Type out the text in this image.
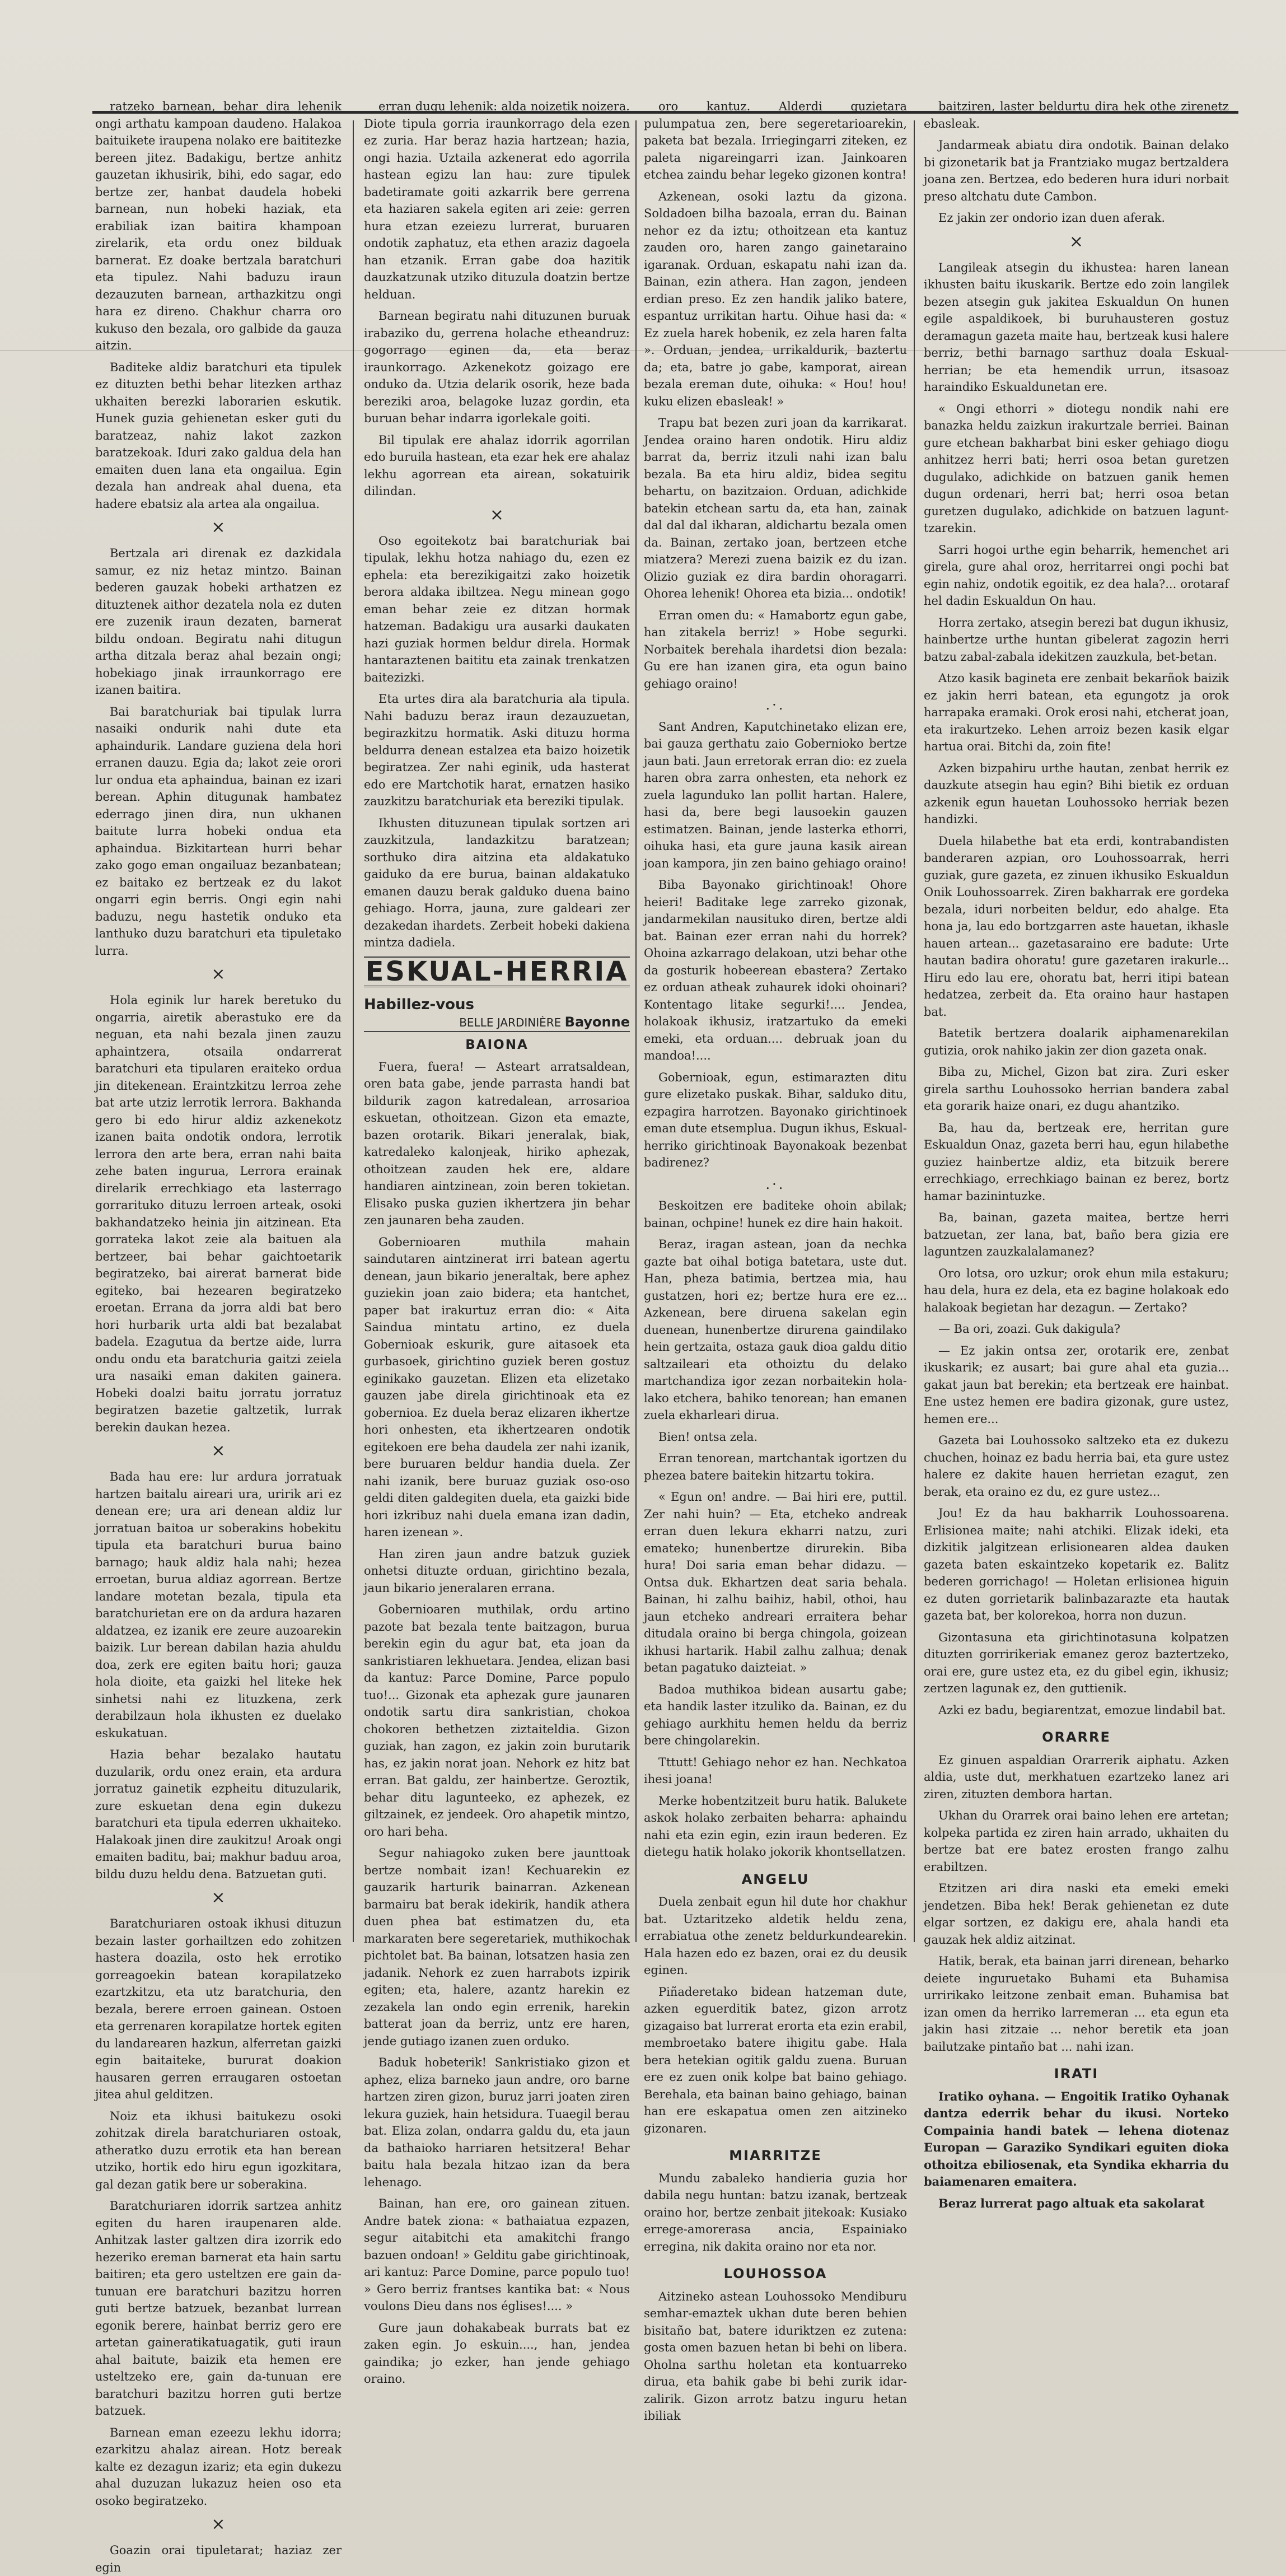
ratzeko barnean, behar dira lehenik ongi arthatu kampoan daudeno. Halakoa baituikete iraupena nolako ere baititezke bereen jitez. Badakigu, bertze anhitz gauzetan ikhusirik, bihi, edo sagar, edo bertze zer, hanbat daudela hobeki barnean, nun hobeki haziak, eta erabiliak izan baitira khampoan zirelarik, eta ordu onez bilduak barnerat. Ez doake bertzala baratchuri eta tipulez. Nahi baduzu iraun dezauzuten barnean, arthazkitzu ongi hara ez direno. Chakhur charra oro kukuso den bezala, oro galbide da gauza aitzin.

Baditeke aldiz baratchuri eta tipulek ez dituzten bethi behar litezken arthaz ukhaiten berezki laborarien eskutik. Hunek guzia gehienetan esker guti du baratzeaz, nahiz lakot zazkon baratzekoak. Iduri zako galdua dela han emaiten duen lana eta ongailua. Egin dezala han andreak ahal duena, eta hadere ebatsiz ala artea ala ongailua.

×

Bertzala ari direnak ez dazkidala samur, ez niz hetaz mintzo. Bainan bederen gauzak hobeki arthatzen ez dituztenek aithor dezatela nola ez duten ere zuzenik iraun dezaten, barnerat bildu ondoan. Begiratu nahi ditugun artha ditzala beraz ahal bezain ongi; hobekiago jinak irraunkorrago ere izanen baitira.

Bai baratchuriak bai tipulak lurra nasaiki ondurik nahi dute eta aphaindurik. Landare guziena dela hori erranen dauzu. Egia da; lakot zeie orori lur ondua eta aphaindua, bainan ez izari berean. Aphin ditugunak hambatez ederrago jinen dira, nun ukhanen baitute lurra hobeki ondua eta aphaindua. Bizkitartean hurri behar zako gogo eman ongailuaz bezanbatean; ez baitako ez bertzeak ez du lakot ongarri egin berris. Ongi egin nahi baduzu, negu hastetik onduko eta lanthuko duzu baratchuri eta tipuletako lurra.

×

Hola eginik lur harek beretuko du ongarria, airetik aberastuko ere da neguan, eta nahi bezala jinen zauzu aphaintzera, otsaila ondarrerat baratchuri eta tipularen eraiteko ordua jin ditekenean. Eraintzkitzu lerroa zehe bat arte utziz lerrotik lerrora. Bakhanda gero bi edo hirur aldiz azkenekotz izanen baita ondotik ondora, lerrotik lerrora den arte bera, erran nahi baita zehe baten ingurua, Lerrora erainak direlarik errechkiago eta lasterrago gorrarituko dituzu lerroen arteak, osoki bakhandatzeko heinia jin aitzinean. Eta gorrateka lakot zeie ala baituen ala bertzeer, bai behar gaichtoetarik begiratzeko, bai airerat barnerat bide egiteko, bai hezearen begiratzeko eroetan. Errana da jorra aldi bat bero hori hurbarik urta aldi bat bezalabat badela. Ezagutua da bertze aide, lurra ondu ondu eta baratchuria gaitzi zeiela ura nasaiki eman dakiten gainera. Hobeki doalzi baitu jorratu jorratuz begiratzen bazetie galtzetik, lurrak berekin daukan hezea.

×

Bada hau ere: lur ardura jorratuak hartzen baitalu aireari ura, uririk ari ez denean ere; ura ari denean aldiz lur jorratuan baitoa ur soberakins hobekitu tipula eta baratchuri burua baino barnago; hauk aldiz hala nahi; hezea erroetan, burua aldiaz agorrean. Bertze landare motetan bezala, tipula eta baratchurietan ere on da ardura hazaren aldatzea, ez izanik ere zeure auzoarekin baizik. Lur berean dabilan hazia ahuldu doa, zerk ere egiten baitu hori; gauza hola dioite, eta gaizki hel liteke hek sinhetsi nahi ez lituzkena, zerk derabilzaun hola ikhusten ez duelako eskukatuan.

Hazia behar bezalako hautatu duzularik, ordu onez erain, eta ardura jorratuz gainetik ezpheitu dituzularik, zure eskuetan dena egin dukezu baratchuri eta tipula ederren ukhaiteko. Halakoak jinen dire zaukitzu! Aroak ongi emaiten baditu, bai; makhur baduu aroa, bildu duzu heldu dena. Batzuetan guti.

×

Baratchuriaren ostoak ikhusi dituzun bezain laster gorhailtzen edo zohitzen hastera doazila, osto hek errotiko gorreagoekin batean korapilatzeko ezartzkitzu, eta utz baratchuria, den bezala, berere erroen gainean. Ostoen eta gerrenaren korapilatze hortek egiten du landarearen hazkun, alferretan gaizki egin baitaiteke, bururat doakion hausaren gerren erraugaren ostoetan jitea ahul gelditzen.

Noiz eta ikhusi baitukezu osoki zohitzak direla baratchuriaren ostoak, atheratko duzu errotik eta han berean utziko, hortik edo hiru egun igozkitara, gal dezan gatik bere ur soberakina.

Baratchuriaren idorrik sartzea anhitz egiten du haren iraupenaren alde. Anhitzak laster galtzen dira izorrik edo hezeriko ereman barnerat eta hain sartu baitiren; eta gero usteltzen ere gain da-tunuan ere baratchuri bazitzu horren guti bertze batzuek, bezanbat lurrean egonik berere, hainbat berriz gero ere artetan gaineratikatuagatik, guti iraun ahal baitute, baizik eta hemen ere usteltzeko ere, gain da-tunuan ere baratchuri bazitzu horren guti bertze batzuek.

Barnean eman ezeezu lekhu idorra; ezarkitzu ahalaz airean. Hotz bereak kalte ez dezagun izariz; eta egin dukezu ahal duzuzan lukazuz heien oso eta osoko begiratzeko.

×

Goazin orai tipuletarat; haziaz zer egin

erran dugu lehenik: alda noizetik noizera. Diote tipula gorria iraunkorrago dela ezen ez zuria. Har beraz hazia hartzean; hazia, ongi hazia. Uztaila azkenerat edo agorrila hastean egizu lan hau: zure tipulek badetiramate goiti azkarrik bere gerrena eta haziaren sakela egiten ari zeie: gerren hura etzan ezeiezu lurrerat, buruaren ondotik zaphatuz, eta ethen araziz dagoela han etzanik. Erran gabe doa hazitik dauzkatzunak utziko dituzula doatzin bertze helduan.

Barnean begiratu nahi dituzunen buruak irabaziko du, gerrena holache etheandruz: gogorrago eginen da, eta beraz iraunkorrago. Azkenekotz goizago ere onduko da. Utzia delarik osorik, heze bada bereziki aroa, belagoke luzaz gordin, eta buruan behar indarra igorlekale goiti.

Bil tipulak ere ahalaz idorrik agorrilan edo buruila hastean, eta ezar hek ere ahalaz lekhu agorrean eta airean, sokatuirik dilindan.

×

Oso egoitekotz bai baratchuriak bai tipulak, lekhu hotza nahiago du, ezen ez ephela: eta berezikigaitzi zako hoizetik berora aldaka ibiltzea. Negu minean gogo eman behar zeie ez ditzan hormak hatzeman. Badakigu ura ausarki daukaten hazi guziak hormen beldur direla. Hormak hantaraztenen baititu eta zainak trenkatzen baitezizki.

Eta urtes dira ala baratchuria ala tipula. Nahi baduzu beraz iraun dezauzuetan, begirazkitzu hormatik. Aski dituzu horma beldurra denean estalzea eta baizo hoizetik begiratzea. Zer nahi eginik, uda hasterat edo ere Martchotik harat, ernatzen hasiko zauzkitzu baratchuriak eta bereziki tipulak.

Ikhusten dituzunean tipulak sortzen ari zauzkitzula, landazkitzu baratzean; sorthuko dira aitzina eta aldakatuko gaiduko da ere burua, bainan aldakatuko emanen dauzu berak galduko duena baino gehiago. Horra, jauna, zure galdeari zer dezakedan ihardets. Zerbeit hobeki dakiena mintza dadiela.

ESKUAL-HERRIA
Habillez-vous
BELLE JARDINIÈRE Bayonne
BAIONA

Fuera, fuera! — Asteart arratsaldean, oren bata gabe, jende parrasta handi bat bildurik zagon katredalean, arrosarioa eskuetan, othoitzean. Gizon eta emazte, bazen orotarik. Bikari jeneralak, biak, katredaleko kalonjeak, hiriko aphezak, othoitzean zauden hek ere, aldare handiaren aintzinean, zoin beren tokietan. Elisako puska guzien ikhertzera jin behar zen jaunaren beha zauden.

Gobernioaren muthila mahain saindutaren aintzinerat irri batean agertu denean, jaun bikario jeneraltak, bere aphez guziekin joan zaio bidera; eta hantchet, paper bat irakurtuz erran dio: « Aita Saindua mintatu artino, ez duela Gobernioak eskurik, gure aitasoek eta gurbasoek, girichtino guziek beren gostuz eginikako gauzetan. Elizen eta elizetako gauzen jabe direla girichtinoak eta ez gobernioa. Ez duela beraz elizaren ikhertze hori onhesten, eta ikhertzearen ondotik egitekoen ere beha daudela zer nahi izanik, bere buruaren beldur handia duela. Zer nahi izanik, bere buruaz guziak oso-oso geldi diten galdegiten duela, eta gaizki bide hori izkribuz nahi duela emana izan dadin, haren izenean ».

Han ziren jaun andre batzuk guziek onhetsi dituzte orduan, girichtino bezala, jaun bikario jeneralaren errana.

Gobernioaren muthilak, ordu artino pazote bat bezala tente baitzagon, burua berekin egin du agur bat, eta joan da sankristiaren lekhuetara. Jendea, elizan basi da kantuz: Parce Domine, Parce populo tuo!... Gizonak eta aphezak gure jaunaren ondotik sartu dira sankristian, chokoa chokoren bethetzen ziztaiteldia. Gizon guziak, han zagon, ez jakin zoin burutarik has, ez jakin norat joan. Nehork ez hitz bat erran. Bat galdu, zer hainbertze. Geroztik, behar ditu lagunteeko, ez aphezek, ez giltzainek, ez jendeek. Oro ahapetik mintzo, oro hari beha.

Segur nahiagoko zuken bere jaunttoak bertze nombait izan! Kechuarekin ez gauzarik harturik bainarran. Azkenean barmairu bat berak idekirik, handik athera duen phea bat estimatzen du, eta markaraten bere segeretariek, muthikochak pichtolet bat. Ba bainan, lotsatzen hasia zen jadanik. Nehork ez zuen harrabots izpirik egiten; eta, halere, azantz harekin ez zezakela lan ondo egin errenik, harekin batterat joan da berriz, untz ere haren, jende gutiago izanen zuen orduko.

Baduk hobeterik! Sankristiako gizon et aphez, eliza barneko jaun andre, oro barne hartzen ziren gizon, buruz jarri joaten ziren lekura guziek, hain hetsidura. Tuaegil berau bat. Eliza zolan, ondarra galdu du, eta jaun da bathaioko harriaren hetsitzera! Behar baitu hala bezala hitzao izan da bera lehenago.

Bainan, han ere, oro gainean zituen. Andre batek ziona: « bathaiatua ezpazen, segur aitabitchi eta amakitchi frango bazuen ondoan! » Gelditu gabe girichtinoak, ari kantuz: Parce Domine, parce populo tuo! » Gero berriz frantses kantika bat: « Nous voulons Dieu dans nos églises!.... »

Gure jaun dohakabeak burrats bat ez zaken egin. Jo eskuin...., han, jendea gaindika; jo ezker, han jende gehiago oraino.

oro kantuz. Alderdi guzietara pulumpatua zen, bere segeretarioarekin, paketa bat bezala. Irriegingarri ziteken, ez paleta nigareingarri izan. Jainkoaren etchea zaindu behar legeko gizonen kontra!

Azkenean, osoki laztu da gizona. Soldadoen bilha bazoala, erran du. Bainan nehor ez da iztu; othoitzean eta kantuz zauden oro, haren zango gainetaraino igaranak. Orduan, eskapatu nahi izan da. Bainan, ezin athera. Han zagon, jendeen erdian preso. Ez zen handik jaliko batere, espantuz urrikitan hartu. Oihue hasi da: « Ez zuela harek hobenik, ez zela haren falta ». Orduan, jendea, urrikaldurik, baztertu da; eta, batre jo gabe, kamporat, airean bezala ereman dute, oihuka: « Hou! hou! kuku elizen ebasleak! »

Trapu bat bezen zuri joan da karrikarat. Jendea oraino haren ondotik. Hiru aldiz barrat da, berriz itzuli nahi izan balu bezala. Ba eta hiru aldiz, bidea segitu behartu, on bazitzaion. Orduan, adichkide batekin etchean sartu da, eta han, zainak dal dal dal ikharan, aldichartu bezala omen da. Bainan, zertako joan, bertzeen etche miatzera? Merezi zuena baizik ez du izan. Olizio guziak ez dira bardin ohoragarri. Ohorea lehenik! Ohorea eta bizia... ondotik!

Erran omen du: « Hamabortz egun gabe, han zitakela berriz! » Hobe segurki. Norbaitek berehala ihardetsi dion bezala: Gu ere han izanen gira, eta ogun baino gehiago oraino!

.·.

Sant Andren, Kaputchinetako elizan ere, bai gauza gerthatu zaio Gobernioko bertze jaun bati. Jaun erretorak erran dio: ez zuela haren obra zarra onhesten, eta nehork ez zuela lagunduko lan pollit hartan. Halere, hasi da, bere begi lausoekin gauzen estimatzen. Bainan, jende lasterka ethorri, oihuka hasi, eta gure jauna kasik airean joan kampora, jin zen baino gehiago oraino!

Biba Bayonako girichtinoak! Ohore heieri! Baditake lege zarreko gizonak, jandarmekilan nausituko diren, bertze aldi bat. Bainan ezer erran nahi du horrek? Ohoina azkarrago delakoan, utzi behar othe da gosturik hobeerean ebastera? Zertako ez orduan atheak zuhaurek idoki ohoinari? Kontentago litake segurki!.... Jendea, holakoak ikhusiz, iratzartuko da emeki emeki, eta orduan.... debruak joan du mandoa!....

Gobernioak, egun, estimarazten ditu gure elizetako puskak. Bihar, salduko ditu, ezpagira harrotzen. Bayonako girichtinoek eman dute etsempluа. Dugun ikhus, Eskual-herriko girichtinoak Bayonakoak bezenbat badirenez?

.·.

Beskoitzen ere baditeke ohoin abilak; bainan, ochpine! hunek ez dire hain hakoit.

Beraz, iragan astean, joan da nechka gazte bat oihal botiga batetara, uste dut. Han, pheza batimia, bertzea mia, hau gustatzen, hori ez; bertze hura ere ez... Azkenean, bere diruena sakelan egin duenean, hunenbertze dirurena gaindilako hein gertzaita, ostaza gauk dioa galdu ditio saltzaileari eta othoiztu du delako martchandiza igor zezan norbaitekin hola-lako etchera, bahiko tenorean; han emanen zuela ekharleari dirua.

Bien! ontsa zela.

Erran tenorean, martchantak igortzen du phezea batere baitekin hitzartu tokira.

« Egun on! andre. — Bai hiri ere, puttil. Zer nahi huin? — Eta, etcheko andreak erran duen lekura ekharri natzu, zuri emateko; hunenbertze dirurekin. Biba hura! Doi saria eman behar didazu. — Ontsa duk. Ekhartzen deat saria behala. Bainan, hi zalhu baihiz, habil, othoi, hau jaun etcheko andreari erraitera behar ditudala oraino bi berga chingola, goizean ikhusi hartarik. Habil zalhu zalhua; denak betan pagatuko daizteiat. »

Badoa muthikoa bidean ausartu gabe; eta handik laster itzuliko da. Bainan, ez du gehiago aurkhitu hemen heldu da berriz bere chingolarekin.

Tttutt! Gehiago nehor ez han. Nechkatoa ihesi joana!

Merke hobentzitzeit buru hatik. Balukete askok holako zerbaiten beharra: aphaindu nahi eta ezin egin, ezin iraun bederen. Ez dietegu hatik holako jokorik khontsellatzen.

ANGELU

Duela zenbait egun hil dute hor chakhur bat. Uztaritzeko aldetik heldu zena, errabiatua othe zenetz beldurkundearekin. Hala hazen edo ez bazen, orai ez du deusik eginen.

Piñaderetako bidean hatzeman dute, azken eguerditik batez, gizon arrotz gizagaiso bat lurrerat erorta eta ezin erabil, membroetako batere ihigitu gabe. Hala bera hetekian ogitik galdu zuena. Buruan ere ez zuen onik kolpe bat baino gehiago. Berehala, eta bainan baino gehiago, bainan han ere eskapatua omen zen aitzineko gizonaren.

MIARRITZE

Mundu zabaleko handieria guzia hor dabila negu huntan: batzu izanak, bertzeak oraino hor, bertze zenbait jitekoak: Kusiako errege-amorerasa ancia, Espainiako erregina, nik dakita oraino nor eta nor.

LOUHOSSOA

Aitzineko astean Louhossoko Mendiburu semhar-emaztek ukhan dute beren behien bisitaño bat, batere iduriktzen ez zutena: gosta omen bazuen hetan bi behi on libera. Oholna sarthu holetan eta kontuarreko dirua, eta bahik gabe bi behi zurik idar-zalirik. Gizon arrotz batzu inguru hetan ibiliak

baitziren, laster beldurtu dira hek othe zirenetz ebasleak.

Jandarmeak abiatu dira ondotik. Bainan delako bi gizonetarik bat ja Frantziako mugaz bertzaldera joana zen. Bertzea, edo bederen hura iduri norbait preso altchatu dute Cambon.

Ez jakin zer ondorio izan duen aferak.

×

Langileak atsegin du ikhustea: haren lanean ikhusten baitu ikuskarik. Bertze edo zoin langilek bezen atsegin guk jakitea Eskualdun On hunen egile aspaldikoek, bi buruhausteren gostuz deramagun gazeta maite hau, bertzeak kusi halere berriz, bethi barnago sarthuz doala Eskual-herrian; be eta hemendik urrun, itsasoaz haraindiko Eskualdunetan ere.

« Ongi ethorri » diotegu nondik nahi ere banazka heldu zaizkun irakurtzale berriei. Bainan gure etchean bakharbat bini esker gehiago diogu anhitzez herri bati; herri osoa betan guretzen dugulako, adichkide on batzuen ganik hemen dugun ordenari, herri bat; herri osoa betan guretzen dugulako, adichkide on batzuen lagunt-tzarekin.

Sarri hogoi urthe egin beharrik, hemenchet ari girela, gure ahal oroz, herritarrei ongi pochi bat egin nahiz, ondotik egoitik, ez dea hala?... orotaraf hel dadin Eskualdun On hau.

Horra zertako, atsegin berezi bat dugun ikhusiz, hainbertze urthe huntan gibelerat zagozin herri batzu zabal-zabala idekitzen zauzkula, bet-betan.

Atzo kasik bagineta ere zenbait bekarñok baizik ez jakin herri batean, eta egungotz ja orok harrapaka eramaki. Orok erosi nahi, etcherat joan, eta irakurtzeko. Lehen arroiz bezen kasik elgar hartua orai. Bitchi da, zoin fite!

Azken bizpahiru urthe hautan, zenbat herrik ez dauzkute atsegin hau egin? Bihi bietik ez orduan azkenik egun hauetan Louhossoko herriak bezen handizki.

Duela hilabethe bat eta erdi, kontrabandisten banderaren azpian, oro Louhossoarrak, herri guziak, gure gazeta, ez zinuen ikhusiko Eskualdun Onik Louhossoarrek. Ziren bakharrak ere gordeka bezala, iduri norbeiten beldur, edo ahalge. Eta hona ja, lau edo bortzgarren aste hauetan, ikhasle hauen artean... gazetasaraino ere badute: Urte hautan badira ohoratu! gure gazetaren irakurle... Hiru edo lau ere, ohoratu bat, herri itipi batean hedatzea, zerbeit da. Eta oraino haur hastapen bat.

Batetik bertzera doalarik aiphamenarekilan gutizia, orok nahiko jakin zer dion gazeta onak.

Biba zu, Michel, Gizon bat zira. Zuri esker girela sarthu Louhossoko herrian bandera zabal eta gorarik haize onari, ez dugu ahantziko.

Ba, hau da, bertzeak ere, herritan gure Eskualdun Onaz, gazeta berri hau, egun hilabethe guziez hainbertze aldiz, eta bitzuik berere errechkiago, errechkiago bainan ez berez, bortz hamar bazinintuzke.

Ba, bainan, gazeta maitea, bertze herri batzuetan, zer lana, bat, baño bera gizia ere laguntzen zauzkalalamanez?

Oro lotsa, oro uzkur; orok ehun mila estakuru; hau dela, hura ez dela, eta ez bagine holakoak edo halakoak begietan har dezagun. — Zertako?

— Ba ori, zoazi. Guk dakigula?

— Ez jakin ontsa zer, orotarik ere, zenbat ikuskarik; ez ausart; bai gure ahal eta guzia... gakat jaun bat berekin; eta bertzeak ere hainbat. Ene ustez hemen ere badira gizonak, gure ustez, hemen ere...

Gazeta bai Louhossoko saltzeko eta ez dukezu chuchen, hoinaz ez badu herria bai, eta gure ustez halere ez dakite hauen herrietan ezagut, zen berak, eta oraino ez du, ez gure ustez...

Jou! Ez da hau bakharrik Louhossoarena. Erlisionea maite; nahi atchiki. Elizak ideki, eta dizkitik jalgitzean erlisionearen aldea dauken gazeta baten eskaintzeko kopetarik ez. Balitz bederen gorrichago! — Holetan erlisionea higuin ez duten gorrietarik balinbazarazte eta hautak gazeta bat, ber kolorekoa, horra non duzun.

Gizontasuna eta girichtinotasuna kolpatzen dituzten gorririkeriak emanez geroz baztertzeko, orai ere, gure ustez eta, ez du gibel egin, ikhusiz; zertzen lagunak ez, den guttienik.

Azki ez badu, begiarentzat, emozue lindabil bat.

ORARRE

Ez ginuen aspaldian Orarrerik aiphatu. Azken aldia, uste dut, merkhatuen ezartzeko lanez ari ziren, zituzten dembora hartan.

Ukhan du Orarrek orai baino lehen ere artetan; kolpeka partida ez ziren hain arrado, ukhaiten du bertze bat ere batez erosten frango zalhu erabiltzen.

Etzitzen ari dira naski eta emeki emeki jendetzen. Biba hek! Berak gehienetan ez dute elgar sortzen, ez dakigu ere, ahala handi eta gauzak hek aldiz aitzinat.

Hatik, berak, eta bainan jarri direnean, beharko deiete inguruetako Buhami eta Buhamisa urririkako leitzone zenbait eman. Buhamisa bat izan omen da herriko larremeran ... eta egun eta jakin hasi zitzaie ... nehor beretik eta joan bailutzake pintaño bat ... nahi izan.

IRATI

Iratiko oyhana. — Engoitik Iratiko Oyhanak dantza ederrik behar du ikusi. Norteko Compainia handi batek — lehena diotenaz Europan — Garaziko Syndikari eguiten dioka othoitza ebiliosenak, eta Syndika ekharria du baiamenaren emaitera.

Beraz lurrerat pago altuak eta sakolarat
